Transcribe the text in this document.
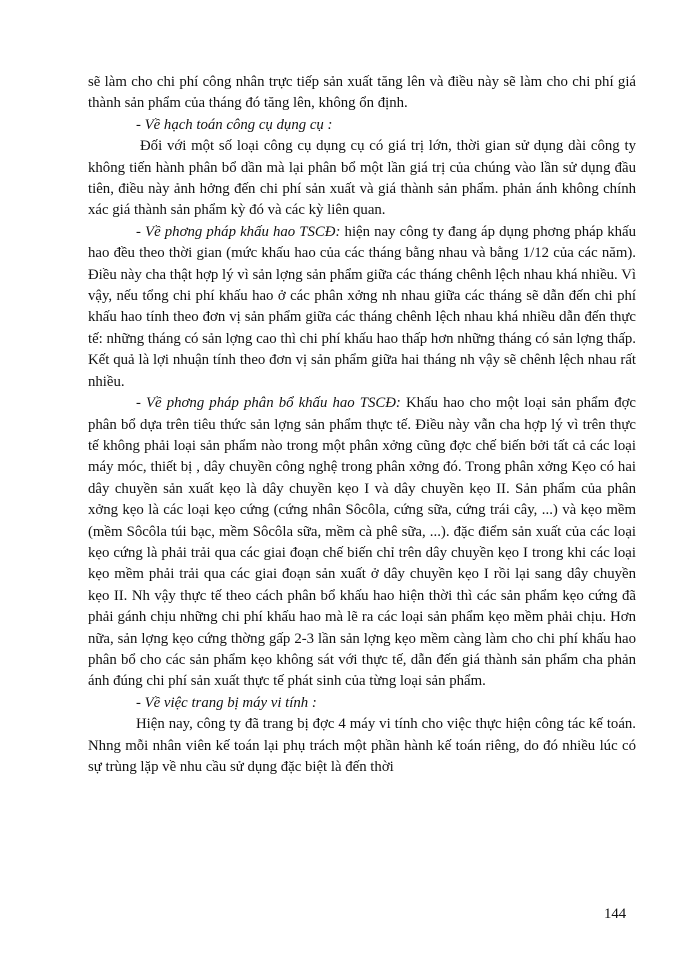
sẽ làm cho chi phí công nhân trực tiếp sản xuất tăng lên và điều này sẽ làm cho chi phí giá thành sản phẩm của tháng đó tăng lên, không ổn định.

- Về hạch toán công cụ dụng cụ :

Đối với một số loại công cụ dụng cụ có giá trị lớn, thời gian sử dụng dài công ty không tiến hành phân bổ dần mà lại phân bổ một lần giá trị của chúng vào lần sử dụng đầu tiên, điều này ảnh hởng đến chi phí sản xuất và giá thành sản phẩm. phản ánh không chính xác giá thành sản phẩm kỳ đó và các kỳ liên quan.

- Về phơng pháp khấu hao TSCĐ: hiện nay công ty đang áp dụng phơng pháp khấu hao đều theo thời gian (mức khấu hao của các tháng bằng nhau và bằng 1/12 của các năm). Điều này cha thật hợp lý vì sản lợng sản phẩm giữa các tháng chênh lệch nhau khá nhiều. Vì vậy, nếu tổng chi phí khấu hao ở các phân xởng nh nhau giữa các tháng sẽ dẫn đến chi phí khấu hao tính theo đơn vị sản phẩm giữa các tháng chênh lệch nhau khá nhiều dẫn đến thực tế: những tháng có sản lợng cao thì chi phí khấu hao thấp hơn những tháng có sản lợng thấp. Kết quả là lợi nhuận tính theo đơn vị sản phẩm giữa hai tháng nh vậy sẽ chênh lệch nhau rất nhiều.

- Về phơng pháp phân bổ khấu hao TSCĐ: Khấu hao cho một loại sản phẩm đợc phân bổ dựa trên tiêu thức sản lợng sản phẩm thực tế. Điều này vẫn cha hợp lý vì trên thực tế không phải loại sản phẩm nào trong một phân xởng cũng đợc chế biến bởi tất cả các loại máy móc, thiết bị , dây chuyền công nghệ trong phân xởng đó. Trong phân xởng Kẹo có hai dây chuyền sản xuất kẹo là dây chuyền kẹo I và dây chuyền kẹo II. Sản phẩm của phân xởng kẹo là các loại kẹo cứng (cứng nhân Sôcôla, cứng sữa, cứng trái cây, ...) và kẹo mềm (mềm Sôcôla túi bạc, mềm Sôcôla sữa, mềm cà phê sữa, ...). đặc điểm sản xuất của các loại kẹo cứng là phải trải qua các giai đoạn chế biến chỉ trên dây chuyền kẹo I trong khi các loại kẹo mềm phải trải qua các giai đoạn sản xuất ở dây chuyền kẹo I rồi lại sang dây chuyền kẹo II. Nh vậy thực tế theo cách phân bổ khấu hao hiện thời thì các sản phẩm kẹo cứng đã phải gánh chịu những chi phí khấu hao mà lẽ ra các loại sản phẩm kẹo mềm phải chịu. Hơn nữa, sản lợng kẹo cứng thờng gấp 2-3 lần sản lợng kẹo mềm càng làm cho chi phí khấu hao phân bổ cho các sản phẩm kẹo không sát với thực tế, dẫn đến giá thành sản phẩm cha phản ánh đúng chi phí sản xuất thực tế phát sinh của từng loại sản phẩm.

- Về việc trang bị máy vi tính :

Hiện nay, công ty đã trang bị đợc 4 máy vi tính cho việc thực hiện công tác kế toán. Nhng mỗi nhân viên kế toán lại phụ trách một phần hành kế toán riêng, do đó nhiều lúc có sự trùng lặp về nhu cầu sử dụng đặc biệt là đến thời

144
